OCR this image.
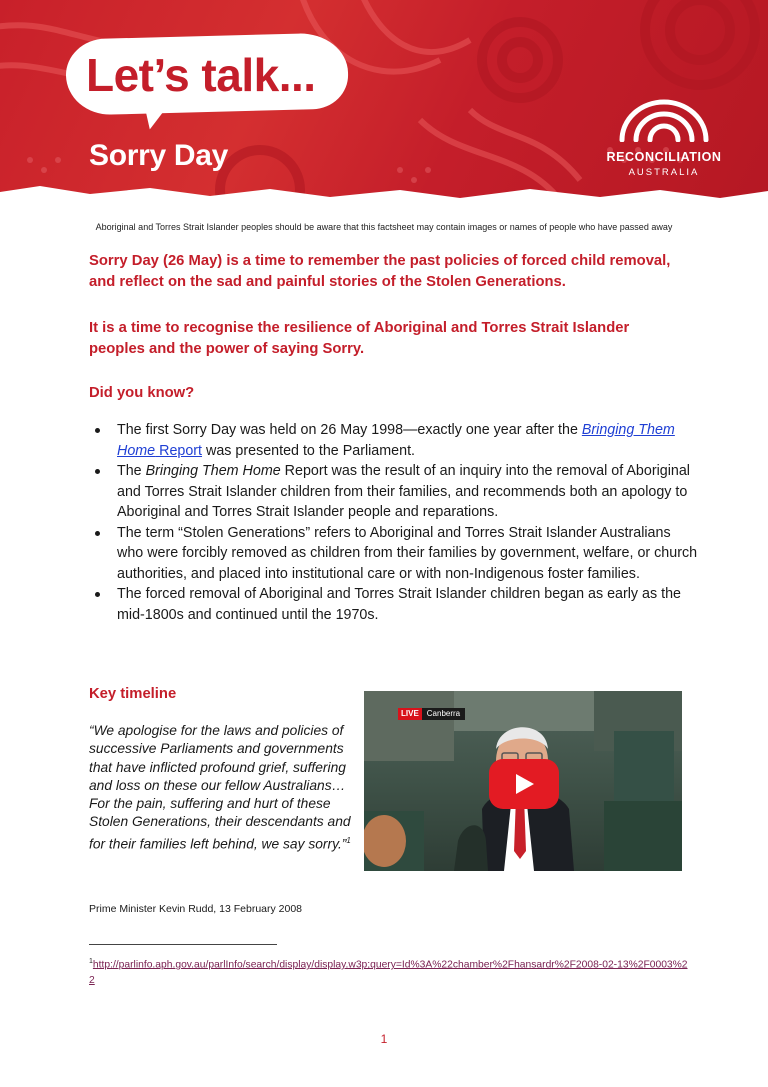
Let’s talk...
Sorry Day	RECONCILIATION
AUSTRALIA
Aboriginal and Torres Strait Islander peoples should be aware that this factsheet may contain images or names of people who have passed away

Sorry Day (26 May) is a time to remember the past policies of forced child removal, and reflect on the sad and painful stories of the Stolen Generations.

It is a time to recognise the resilience of Aboriginal and Torres Strait Islander peoples and the power of saying Sorry.

Did you know?
The first Sorry Day was held on 26 May 1998—exactly one year after the Bringing Them Home Report was presented to the Parliament.
The Bringing Them Home Report was the result of an inquiry into the removal of Aboriginal and Torres Strait Islander children from their families, and recommends both an apology to Aboriginal and Torres Strait Islander people and reparations.
The term “Stolen Generations” refers to Aboriginal and Torres Strait Islander Australians who were forcibly removed as children from their families by government, welfare, or church authorities, and placed into institutional care or with non-Indigenous foster families.
The forced removal of Aboriginal and Torres Strait Islander children began as early as the mid-1800s and continued until the 1970s.
Key timeline

“We apologise for the laws and policies of successive Parliaments and governments that have inflicted profound grief, suffering and loss on these our fellow Australians…For the pain, suffering and hurt of these Stolen Generations, their descendants and for their families left behind, we say sorry.”$^1$

Prime Minister Kevin Rudd, 13 February 2008

LIVE	Canberra

$^1$http://parlinfo.aph.gov.au/parlInfo/search/display/display.w3p;query=Id%3A%22chamber%2Fhansardr%2F2008-02-13%2F0003%22

1
